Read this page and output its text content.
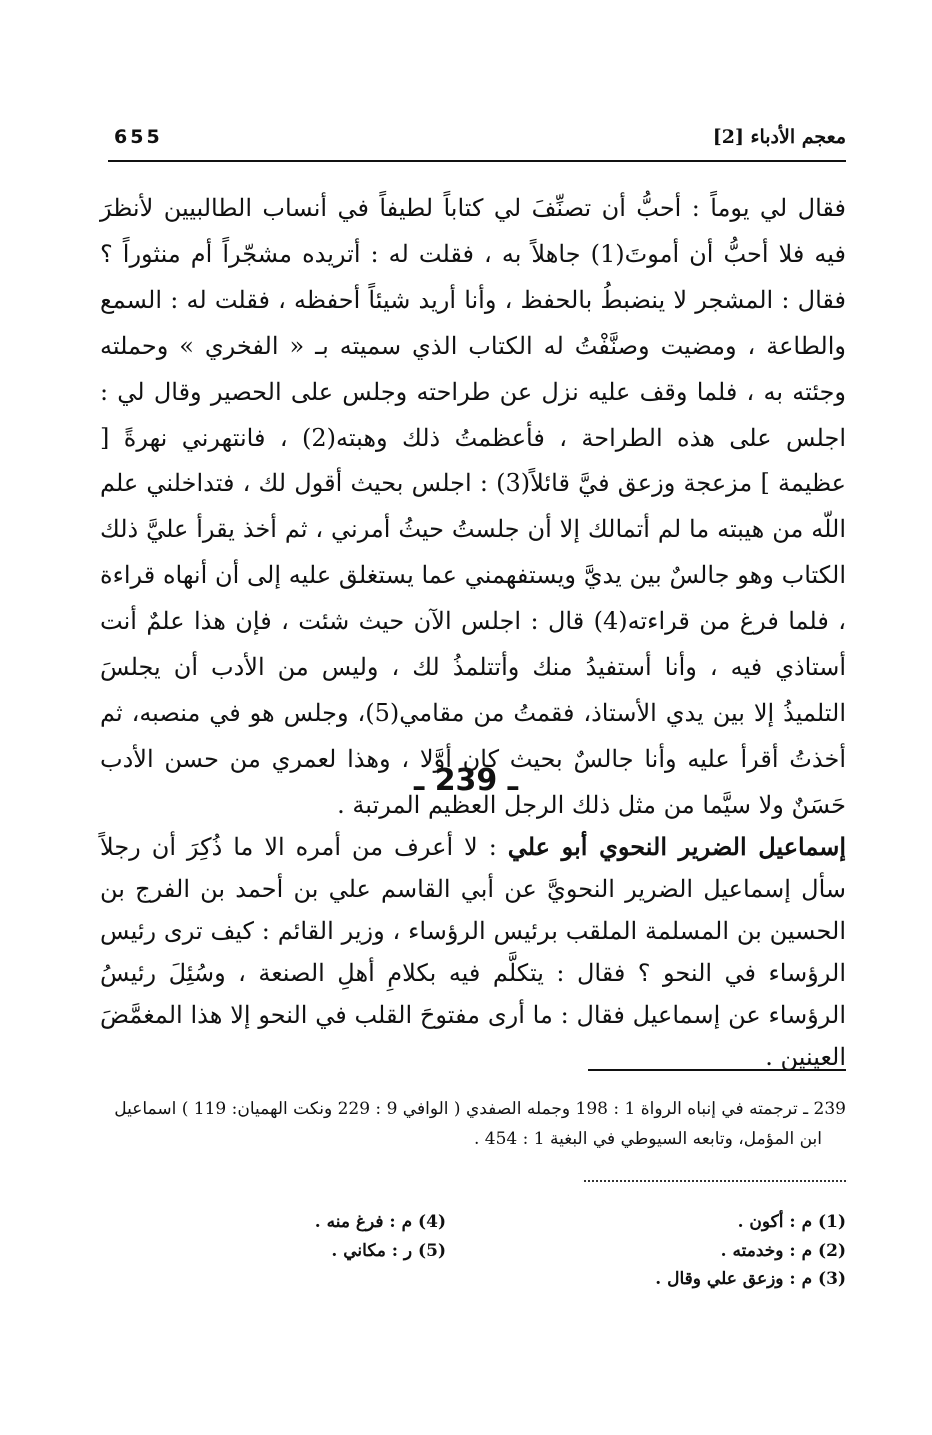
معجم الأدباء [2]
655

فقال لي يوماً : أحبُّ أن تصنِّفَ لي كتاباً لطيفاً في أنساب الطالبيين لأنظرَ فيه فلا أحبُّ أن أموتَ(1) جاهلاً به ، فقلت له : أتريده مشجّراً أم منثوراً ؟ فقال : المشجر لا ينضبطُ بالحفظ ، وأنا أريد شيئاً أحفظه ، فقلت له : السمع والطاعة ، ومضيت وصنَّفْتُ له الكتاب الذي سميته بـ « الفخري » وحملته وجئته به ، فلما وقف عليه نزل عن طراحته وجلس على الحصير وقال لي : اجلس على هذه الطراحة ، فأعظمتُ ذلك وهبته(2) ، فانتهرني نهرةً [ عظيمة ] مزعجة وزعق فيَّ قائلاً(3) : اجلس بحيث أقول لك ، فتداخلني علم اللّه من هيبته ما لم أتمالك إلا أن جلستُ حيثُ أمرني ، ثم أخذ يقرأ عليَّ ذلك الكتاب وهو جالسٌ بين يديَّ ويستفهمني عما يستغلق عليه إلى أن أنهاه قراءة ، فلما فرغ من قراءته(4) قال : اجلس الآن حيث شئت ، فإن هذا علمٌ أنت أستاذي فيه ، وأنا أستفيدُ منك وأتتلمذُ لك ، وليس من الأدب أن يجلسَ التلميذُ إلا بين يدي الأستاذ، فقمتُ من مقامي(5)، وجلس هو في منصبه، ثم أخذتُ أقرأ عليه وأنا جالسٌ بحيث كان أوَّلا ، وهذا لعمري من حسن الأدب حَسَنٌ ولا سيَّما من مثل ذلك الرجل العظيم المرتبة .

ـ 239 ـ

إسماعيل الضرير النحوي أبو علي : لا أعرف من أمره الا ما ذُكِرَ أن رجلاً سأل إسماعيل الضرير النحويَّ عن أبي القاسم علي بن أحمد بن الفرج بن الحسين بن المسلمة الملقب برئيس الرؤساء ، وزير القائم : كيف ترى رئيس الرؤساء في النحو ؟ فقال : يتكلَّم فيه بكلامِ أهلِ الصنعة ، وسُئِلَ رئيسُ الرؤساء عن إسماعيل فقال : ما أرى مفتوحَ القلب في النحو إلا هذا المغمَّضَ العينين .

239 ـ ترجمته في إنباه الرواة 1 : 198 وجمله الصفدي ( الوافي 9 : 229 ونكت الهميان: 119 ) اسماعيل

ابن المؤمل، وتابعه السيوطي في البغية 1 : 454 .

(1) م : أكون .

(2) م : وخدمته .

(3) م : وزعق علي وقال .

(4) م : فرغ منه .

(5) ر : مكاني .
